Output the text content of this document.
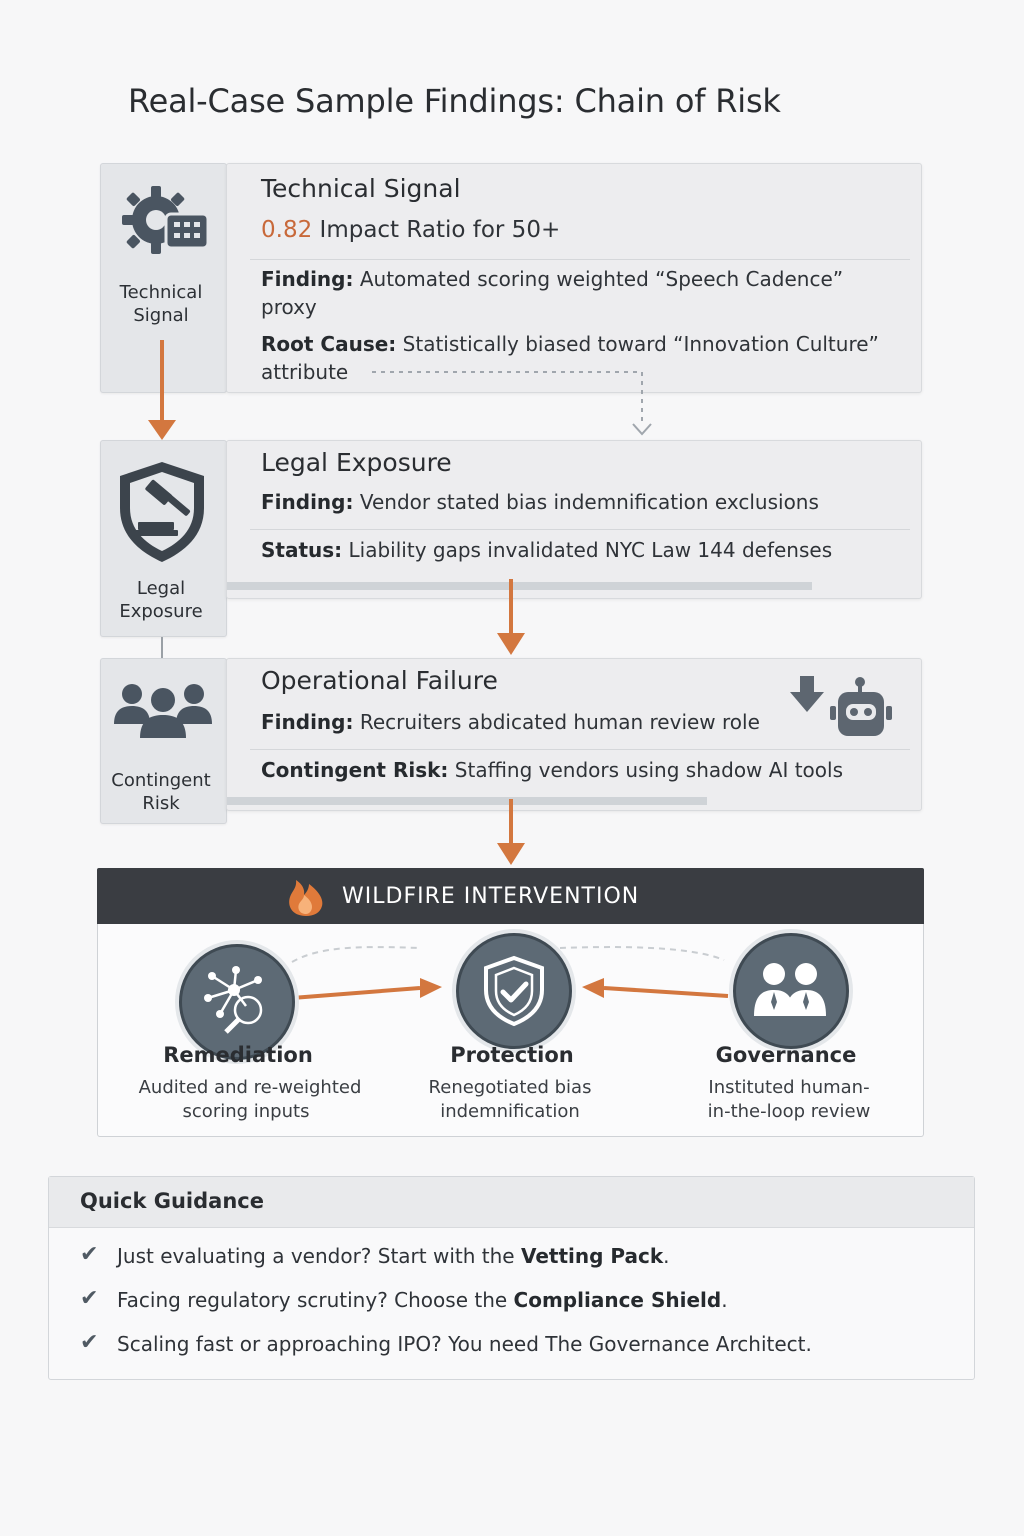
Real-Case Sample Findings: Chain of Risk
Technical Signal
Technical Signal
0.82 Impact Ratio for 50+
Finding: Automated scoring weighted “Speech Cadence”
proxy
Root Cause: Statistically biased toward “Innovation Culture”
attribute
Legal Exposure
Legal Exposure
Finding: Vendor stated bias indemnification exclusions
Status: Liability gaps invalidated NYC Law 144 defenses
Contingent Risk
Operational Failure
Finding: Recruiters abdicated human review role
Contingent Risk: Staffing vendors using shadow AI tools
WILDFIRE INTERVENTION
Remediation
Audited and re-weighted
scoring inputs
Protection
Renegotiated bias
indemnification
Governance
Instituted human-
in-the-loop review
Quick Guidance
✔ Just evaluating a vendor? Start with the Vetting Pack.
✔ Facing regulatory scrutiny? Choose the Compliance Shield.
✔ Scaling fast or approaching IPO? You need The Governance Architect.
